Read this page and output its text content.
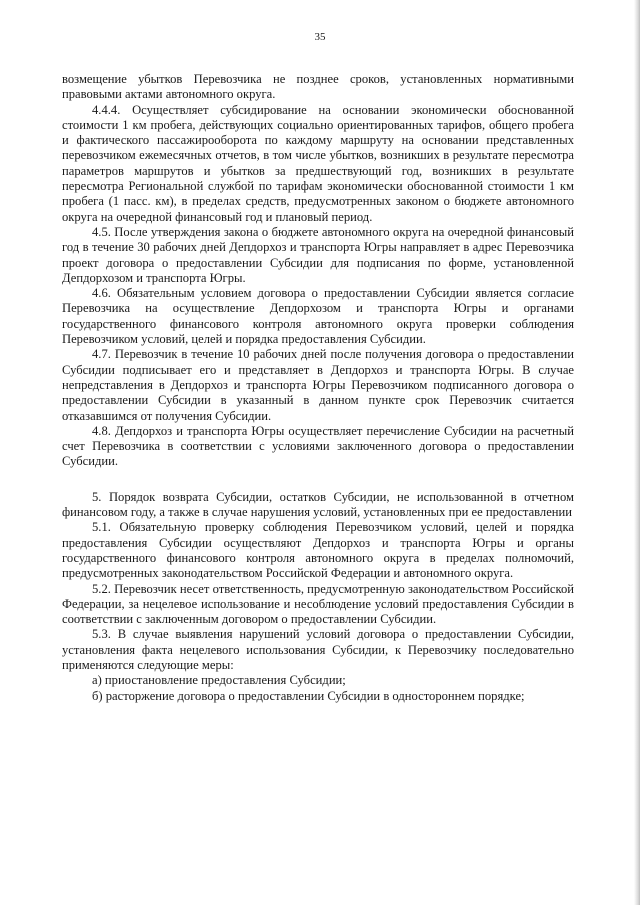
35

возмещение убытков Перевозчика не позднее сроков, установленных нормативными правовыми актами автономного округа.

4.4.4. Осуществляет субсидирование на основании экономически обоснованной стоимости 1 км пробега, действующих социально ориентированных тарифов, общего пробега и фактического пассажирооборота по каждому маршруту на основании представленных перевозчиком ежемесячных отчетов, в том числе убытков, возникших в результате пересмотра параметров маршрутов и убытков за предшествующий год, возникших в результате пересмотра Региональной службой по тарифам экономически обоснованной стоимости 1 км пробега (1 пасс. км), в пределах средств, предусмотренных законом о бюджете автономного округа на очередной финансовый год и плановый период.

4.5. После утверждения закона о бюджете автономного округа на очередной финансовый год в течение 30 рабочих дней Депдорхоз и транспорта Югры направляет в адрес Перевозчика проект договора о предоставлении Субсидии для подписания по форме, установленной Депдорхозом и транспорта Югры.

4.6. Обязательным условием договора о предоставлении Субсидии является согласие Перевозчика на осуществление Депдорхозом и транспорта Югры и органами государственного финансового контроля автономного округа проверки соблюдения Перевозчиком условий, целей и порядка предоставления Субсидии.

4.7. Перевозчик в течение 10 рабочих дней после получения договора о предоставлении Субсидии подписывает его и представляет в Депдорхоз и транспорта Югры. В случае непредставления в Депдорхоз и транспорта Югры Перевозчиком подписанного договора о предоставлении Субсидии в указанный в данном пункте срок Перевозчик считается отказавшимся от получения Субсидии.

4.8. Депдорхоз и транспорта Югры осуществляет перечисление Субсидии на расчетный счет Перевозчика в соответствии с условиями заключенного договора о предоставлении Субсидии.

5. Порядок возврата Субсидии, остатков Субсидии, не использованной в отчетном финансовом году, а также в случае нарушения условий, установленных при ее предоставлении

5.1. Обязательную проверку соблюдения Перевозчиком условий, целей и порядка предоставления Субсидии осуществляют Депдорхоз и транспорта Югры и органы государственного финансового контроля автономного округа в пределах полномочий, предусмотренных законодательством Российской Федерации и автономного округа.

5.2. Перевозчик несет ответственность, предусмотренную законодательством Российской Федерации, за нецелевое использование и несоблюдение условий предоставления Субсидии в соответствии с заключенным договором о предоставлении Субсидии.

5.3. В случае выявления нарушений условий договора о предоставлении Субсидии, установления факта нецелевого использования Субсидии, к Перевозчику последовательно применяются следующие меры:

а) приостановление предоставления Субсидии;

б) расторжение договора о предоставлении Субсидии в одностороннем порядке;
